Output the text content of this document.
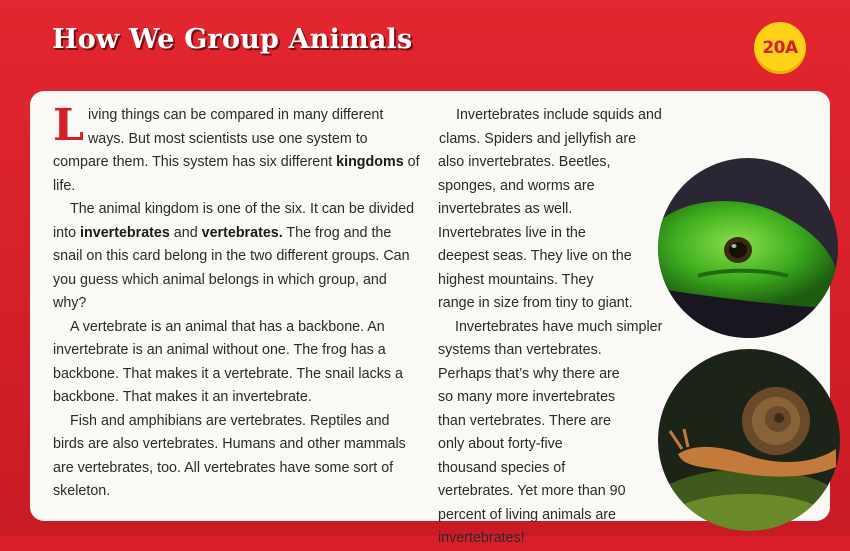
How We Group Animals	20A

Living things can be compared in many different ways. But most scientists use one system to compare them. This system has six different kingdoms of life.

The animal kingdom is one of the six. It can be divided into invertebrates and vertebrates. The frog and the snail on this card belong in the two different groups. Can you guess which animal belongs in which group, and why?

A vertebrate is an animal that has a backbone. An invertebrate is an animal without one. The frog has a backbone. That makes it a vertebrate. The snail lacks a backbone. That makes it an invertebrate.

Fish and amphibians are vertebrates. Reptiles and birds are also vertebrates. Humans and other mammals are vertebrates, too. All vertebrates have some sort of skeleton.

Invertebrates include squids and clams. Spiders and jellyfish are also invertebrates. Beetles, sponges, and worms are invertebrates as well. Invertebrates live in the deepest seas. They live on the highest mountains. They range in size from tiny to giant.

Invertebrates have much simpler systems than vertebrates. Perhaps that’s why there are so many more invertebrates than vertebrates. There are only about forty-five thousand species of vertebrates. Yet more than 90 percent of living animals are invertebrates!
